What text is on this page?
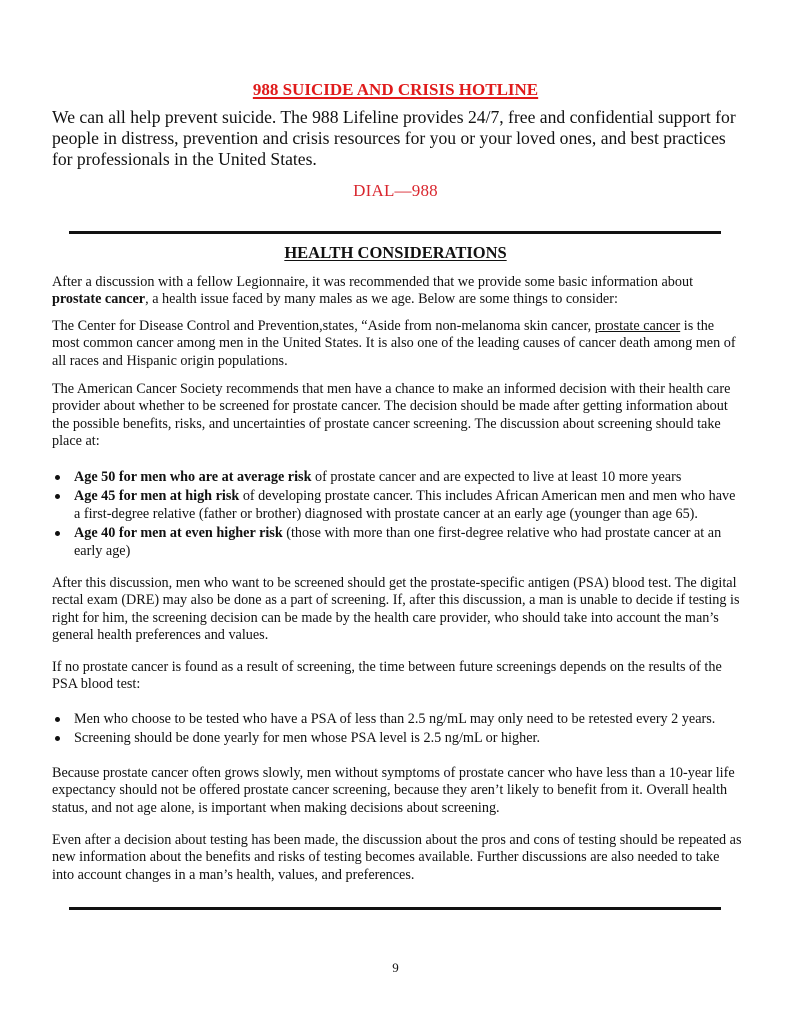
988 SUICIDE AND CRISIS HOTLINE
We can all help prevent suicide. The 988 Lifeline provides 24/7, free and confidential support for people in distress, prevention and crisis resources for you or your loved ones, and best practices for professionals in the United States.
DIAL—988
HEALTH CONSIDERATIONS
After a discussion with a fellow Legionnaire, it was recommended that we provide some basic information about prostate cancer, a health issue faced by many males as we age. Below are some things to consider:
The Center for Disease Control and Prevention,states, “Aside from non-melanoma skin cancer, prostate cancer is the most common cancer among men in the United States. It is also one of the leading causes of cancer death among men of all races and Hispanic origin populations.
The American Cancer Society recommends that men have a chance to make an informed decision with their health care provider about whether to be screened for prostate cancer. The decision should be made after getting information about the possible benefits, risks, and uncertainties of prostate cancer screening. The discussion about screening should take place at:
Age 50 for men who are at average risk of prostate cancer and are expected to live at least 10 more years
Age 45 for men at high risk of developing prostate cancer. This includes African American men and men who have a first-degree relative (father or brother) diagnosed with prostate cancer at an early age (younger than age 65).
Age 40 for men at even higher risk (those with more than one first-degree relative who had prostate cancer at an early age)
After this discussion, men who want to be screened should get the prostate-specific antigen (PSA) blood test. The digital rectal exam (DRE) may also be done as a part of screening. If, after this discussion, a man is unable to decide if testing is right for him, the screening decision can be made by the health care provider, who should take into account the man’s general health preferences and values.
If no prostate cancer is found as a result of screening, the time between future screenings depends on the results of the PSA blood test:
Men who choose to be tested who have a PSA of less than 2.5 ng/mL may only need to be retested every 2 years.
Screening should be done yearly for men whose PSA level is 2.5 ng/mL or higher.
Because prostate cancer often grows slowly, men without symptoms of prostate cancer who have less than a 10-year life expectancy should not be offered prostate cancer screening, because they aren’t likely to benefit from it. Overall health status, and not age alone, is important when making decisions about screening.
Even after a decision about testing has been made, the discussion about the pros and cons of testing should be repeated as new information about the benefits and risks of testing becomes available. Further discussions are also needed to take into account changes in a man’s health, values, and preferences.
9
